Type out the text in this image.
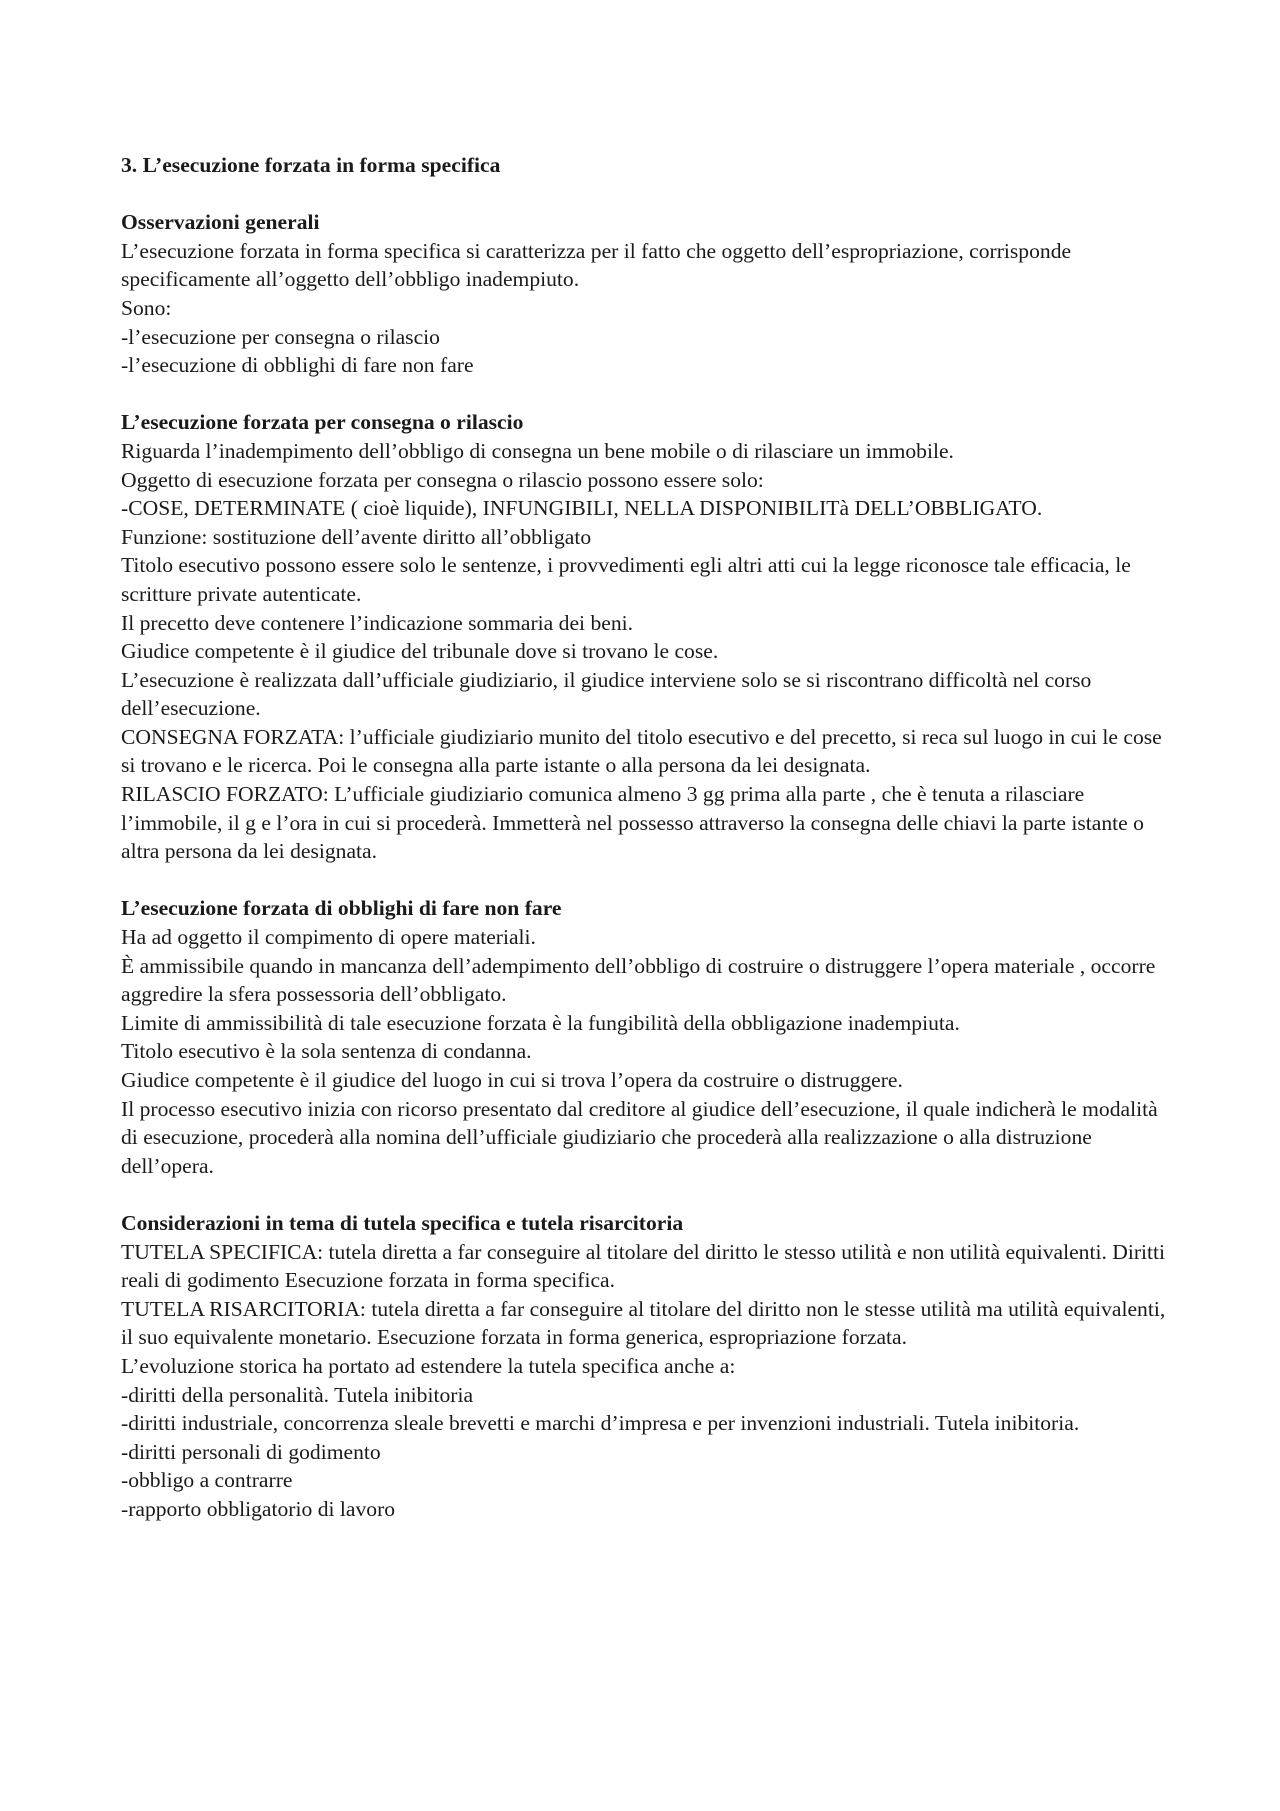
3. L’esecuzione forzata in forma specifica

Osservazioni generali

L’esecuzione forzata in forma specifica si caratterizza per il fatto che oggetto dell’espropriazione, corrisponde specificamente all’oggetto dell’obbligo inadempiuto.

Sono:

-l’esecuzione per consegna o rilascio

-l’esecuzione di obblighi di fare non fare

L’esecuzione forzata per consegna o rilascio

Riguarda l’inadempimento dell’obbligo di consegna un bene mobile o di rilasciare un immobile.

Oggetto di esecuzione forzata per consegna o rilascio possono essere solo:

-COSE, DETERMINATE ( cioè liquide), INFUNGIBILI, NELLA DISPONIBILITà DELL’OBBLIGATO.

Funzione: sostituzione dell’avente diritto all’obbligato

Titolo esecutivo possono essere solo le sentenze, i provvedimenti egli altri atti cui la legge riconosce tale efficacia, le scritture private autenticate.

Il precetto deve contenere l’indicazione sommaria dei beni.

Giudice competente è il giudice del tribunale dove si trovano le cose.

L’esecuzione è realizzata dall’ufficiale giudiziario, il giudice interviene solo se si riscontrano difficoltà nel corso dell’esecuzione.

CONSEGNA FORZATA: l’ufficiale giudiziario munito del titolo esecutivo e del precetto, si reca sul luogo in cui le cose si trovano e le ricerca. Poi le consegna alla parte istante o alla persona da lei designata.

RILASCIO FORZATO: L’ufficiale giudiziario comunica almeno 3 gg prima alla parte , che è tenuta a rilasciare l’immobile, il g e l’ora in cui si procederà. Immetterà nel possesso attraverso la consegna delle chiavi la parte istante o altra persona da lei designata.

L’esecuzione forzata di obblighi di fare non fare

Ha ad oggetto il compimento di opere materiali.

È ammissibile quando in mancanza dell’adempimento dell’obbligo di costruire o distruggere l’opera materiale , occorre aggredire la sfera possessoria dell’obbligato.

Limite di ammissibilità di tale esecuzione forzata è la fungibilità della obbligazione inadempiuta.

Titolo esecutivo è la sola sentenza di condanna.

Giudice competente è il giudice del luogo in cui si trova l’opera da costruire o distruggere.

Il processo esecutivo inizia con ricorso presentato dal creditore al giudice dell’esecuzione, il quale indicherà le modalità di esecuzione, procederà alla nomina dell’ufficiale giudiziario che procederà alla realizzazione o alla distruzione dell’opera.

Considerazioni in tema di tutela specifica e tutela risarcitoria

TUTELA SPECIFICA: tutela diretta a far conseguire al titolare del diritto le stesso utilità e non utilità equivalenti. Diritti reali di godimento Esecuzione forzata in forma specifica.

TUTELA RISARCITORIA: tutela diretta a far conseguire al titolare del diritto non le stesse utilità ma utilità equivalenti, il suo equivalente monetario. Esecuzione forzata in forma generica, espropriazione forzata.

L’evoluzione storica ha portato ad estendere la tutela specifica anche a:

-diritti della personalità. Tutela inibitoria

-diritti industriale, concorrenza sleale brevetti e marchi d’impresa e per invenzioni industriali. Tutela inibitoria.

-diritti personali di godimento

-obbligo a contrarre

-rapporto obbligatorio di lavoro
